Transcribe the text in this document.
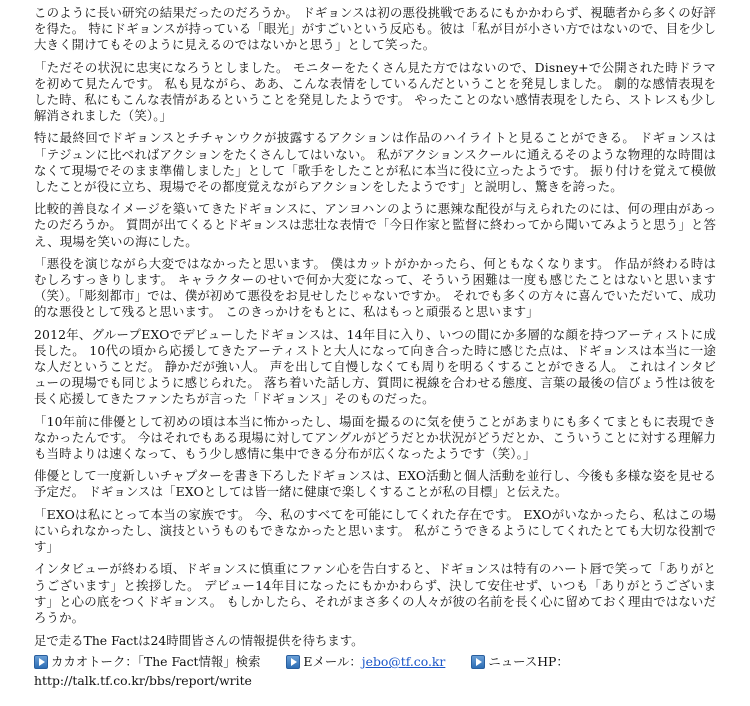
このように長い研究の結果だったのだろうか。 ドギョンスは初の悪役挑戦であるにもかかわらず、視聴者から多くの好評を得た。 特にドギョンスが持っている「眼光」がすごいという反応も。彼は「私が目が小さい方ではないので、目を少し大きく開けてもそのように見えるのではないかと思う」として笑った。

「ただその状況に忠実になろうとしました。 モニターをたくさん見た方ではないので、Disney+で公開された時ドラマを初めて見たんです。 私も見ながら、ああ、こんな表情をしているんだということを発見しました。 劇的な感情表現をした時、私にもこんな表情があるということを発見したようです。 やったことのない感情表現をしたら、ストレスも少し解消されました（笑）。」

特に最終回でドギョンスとチチャンウクが披露するアクションは作品のハイライトと見ることができる。 ドギョンスは「テジュンに比べればアクションをたくさんしてはいない。 私がアクションスクールに通えるそのような物理的な時間はなくて現場でそのまま準備しました」として「歌手をしたことが私に本当に役に立ったようです。 振り付けを覚えて模倣したことが役に立ち、現場でその都度覚えながらアクションをしたようです」と説明し、驚きを誇った。

比較的善良なイメージを築いてきたドギョンスに、アンヨハンのように悪辣な配役が与えられたのには、何の理由があったのだろうか。 質問が出てくるとドギョンスは悲壮な表情で「今日作家と監督に終わってから聞いてみようと思う」と答え、現場を笑いの海にした。

「悪役を演じながら大変ではなかったと思います。 僕はカットがかかったら、何ともなくなります。 作品が終わる時はむしろすっきりします。 キャラクターのせいで何か大変になって、そういう困難は一度も感じたことはないと思います（笑）。「彫刻都市」では、僕が初めて悪役をお見せしたじゃないですか。 それでも多くの方々に喜んでいただいて、成功的な悪役として残ると思います。 このきっかけをもとに、私はもっと頑張ると思います」

2012年、グループEXOでデビューしたドギョンスは、14年目に入り、いつの間にか多層的な顔を持つアーティストに成長した。 10代の頃から応援してきたアーティストと大人になって向き合った時に感じた点は、ドギョンスは本当に一途な人だということだ。 静かだが強い人。 声を出して自慢しなくても周りを明るくすることができる人。 これはインタビューの現場でも同じように感じられた。 落ち着いた話し方、質問に視線を合わせる態度、言葉の最後の信びょう性は彼を長く応援してきたファンたちが言った「ドギョンス」そのものだった。

「10年前に俳優として初めの頃は本当に怖かったし、場面を撮るのに気を使うことがあまりにも多くてまともに表現できなかったんです。 今はそれでもある現場に対してアングルがどうだとか状況がどうだとか、こういうことに対する理解力も当時よりは速くなって、もう少し感情に集中できる分布が広くなったようです（笑）。」

俳優として一度新しいチャプターを書き下ろしたドギョンスは、EXO活動と個人活動を並行し、今後も多様な姿を見せる予定だ。 ドギョンスは「EXOとしては皆一緒に健康で楽しくすることが私の目標」と伝えた。

「EXOは私にとって本当の家族です。 今、私のすべてを可能にしてくれた存在です。 EXOがいなかったら、私はこの場にいられなかったし、演技というものもできなかったと思います。 私がこうできるようにしてくれたとても大切な役割です」

インタビューが終わる頃、ドギョンスに慎重にファン心を告白すると、ドギョンスは特有のハート唇で笑って「ありがとうございます」と挨拶した。 デビュー14年目になったにもかかわらず、決して安住せず、いつも「ありがとうございます」と心の底をつくドギョンス。 もしかしたら、それがまさ多くの人々が彼の名前を長く心に留めておく理由ではないだろうか。

足で走るThe Factは24時間皆さんの情報提供を待ちます。
カカオトーク：「The Fact情報」検索
	Eメール： jebo@tf.co.kr
	ニュースHP：
http://talk.tf.co.kr/bbs/report/write
